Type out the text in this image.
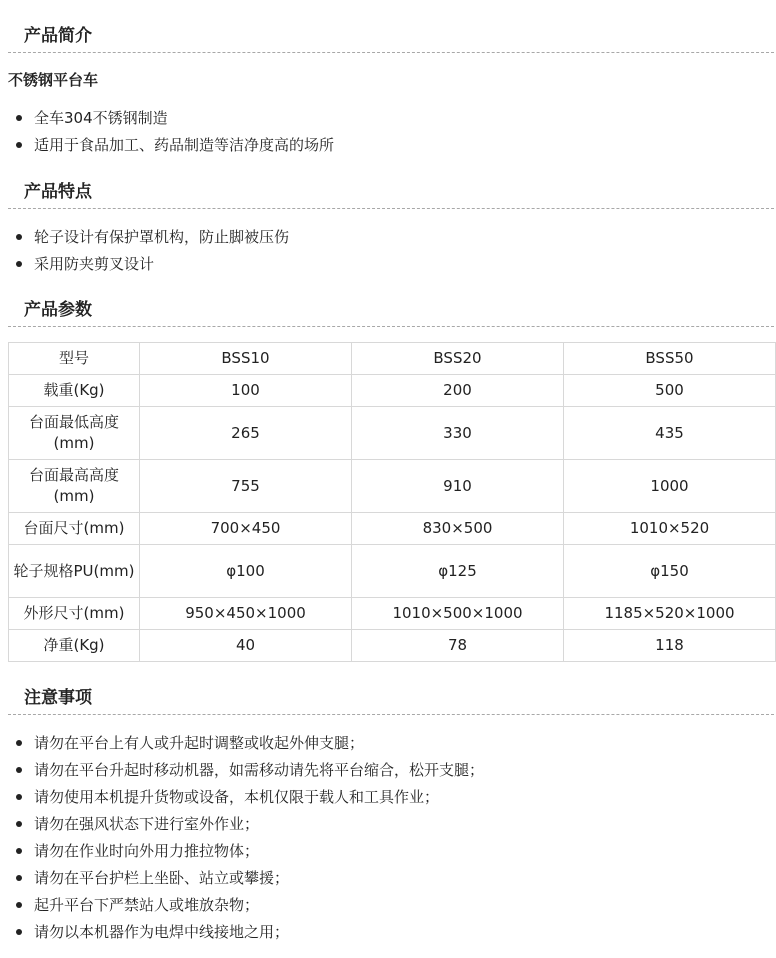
产品简介
不锈钢平台车
全车304不锈钢制造
适用于食品加工、药品制造等洁净度高的场所
产品特点
轮子设计有保护罩机构，防止脚被压伤
采用防夹剪叉设计
产品参数
型号	BSS10	BSS20	BSS50
载重(Kg)	100	200	500
台面最低高度(mm)	265	330	435
台面最高高度(mm)	755	910	1000
台面尺寸(mm)	700×450	830×500	1010×520
轮子规格PU(mm)	φ100	φ125	φ150
外形尺寸(mm)	950×450×1000	1010×500×1000	1185×520×1000
净重(Kg)	40	78	118
注意事项
请勿在平台上有人或升起时调整或收起外伸支腿；
请勿在平台升起时移动机器，如需移动请先将平台缩合，松开支腿；
请勿使用本机提升货物或设备，本机仅限于载人和工具作业；
请勿在强风状态下进行室外作业；
请勿在作业时向外用力推拉物体；
请勿在平台护栏上坐卧、站立或攀援；
起升平台下严禁站人或堆放杂物；
请勿以本机器作为电焊中线接地之用；
